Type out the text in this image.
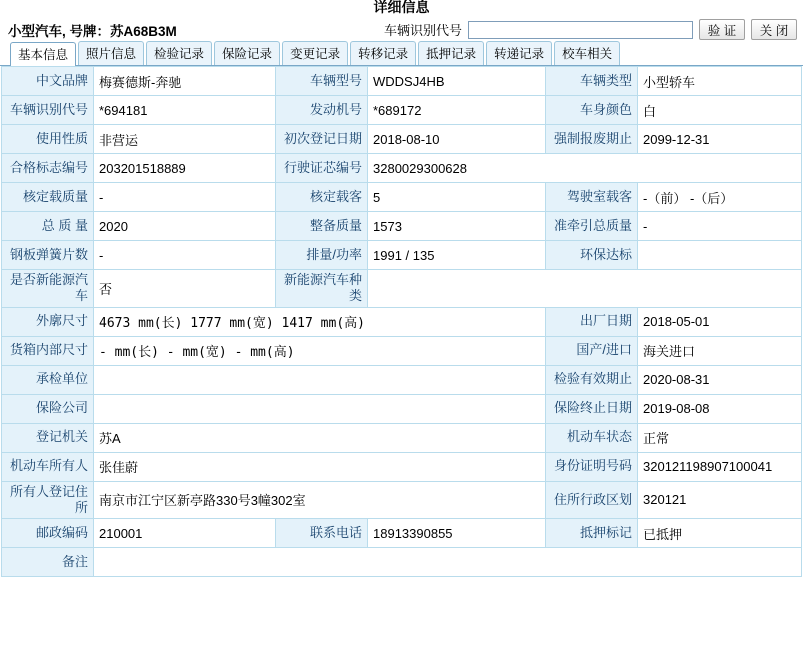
详细信息
小型汽车, 号牌：苏A68B3M	车辆识别代号	验 证	关 闭
基本信息	照片信息	检验记录	保险记录	变更记录	转移记录	抵押记录	转递记录	校车相关
中文品牌	梅赛德斯-奔驰	车辆型号	WDDSJ4HB	车辆类型	小型轿车
车辆识别代号	*694181	发动机号	*689172	车身颜色	白
使用性质	非营运	初次登记日期	2018-08-10	强制报废期止	2099-12-31
合格标志编号	203201518889	行驶证芯编号	3280029300628		
核定载质量	-	核定载客	5	驾驶室载客	-（前） -（后）
总 质 量	2020	整备质量	1573	准牵引总质量	-
钢板弹簧片数	-	排量/功率	1991 / 135	环保达标	
是否新能源汽车	否	新能源汽车种类			
外廓尺寸	4673 mm(长) 1777 mm(宽) 1417 mm(高)			出厂日期	2018-05-01
货箱内部尺寸	- mm(长) - mm(宽) - mm(高)			国产/进口	海关进口
承检单位				检验有效期止	2020-08-31
保险公司				保险终止日期	2019-08-08
登记机关	苏A			机动车状态	正常
机动车所有人	张佳蔚			身份证明号码	320121198907100041
所有人登记住所	南京市江宁区新亭路330号3幢302室			住所行政区划	320121
邮政编码	210001	联系电话	18913390855	抵押标记	已抵押
备注					
